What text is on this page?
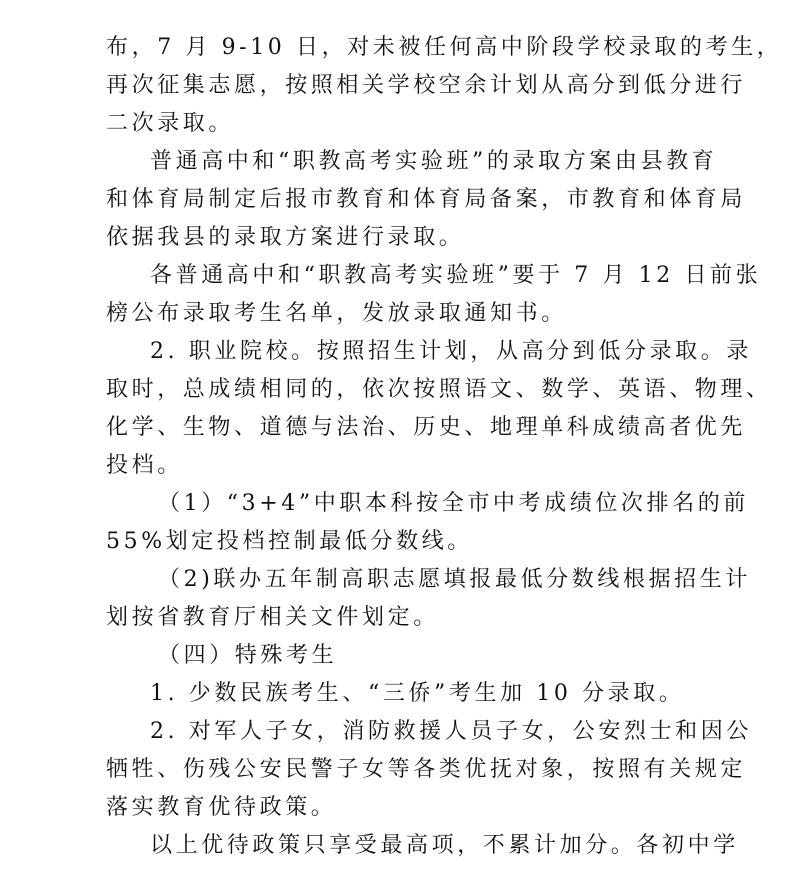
布，7 月 9-10 日，对未被任何高中阶段学校录取的考生，

再次征集志愿，按照相关学校空余计划从高分到低分进行

二次录取。

普通高中和“职教高考实验班”的录取方案由县教育

和体育局制定后报市教育和体育局备案，市教育和体育局

依据我县的录取方案进行录取。

各普通高中和“职教高考实验班”要于 7 月 12 日前张

榜公布录取考生名单，发放录取通知书。

2. 职业院校。按照招生计划，从高分到低分录取。录

取时，总成绩相同的，依次按照语文、数学、英语、物理、

化学、生物、道德与法治、历史、地理单科成绩高者优先

投档。

（1）“3+4”中职本科按全市中考成绩位次排名的前

55%划定投档控制最低分数线。

（2)联办五年制高职志愿填报最低分数线根据招生计

划按省教育厅相关文件划定。

（四）特殊考生

1. 少数民族考生、“三侨”考生加 10 分录取。

2. 对军人子女，消防救援人员子女，公安烈士和因公

牺牲、伤残公安民警子女等各类优抚对象，按照有关规定

落实教育优待政策。

以上优待政策只享受最高项，不累计加分。各初中学
